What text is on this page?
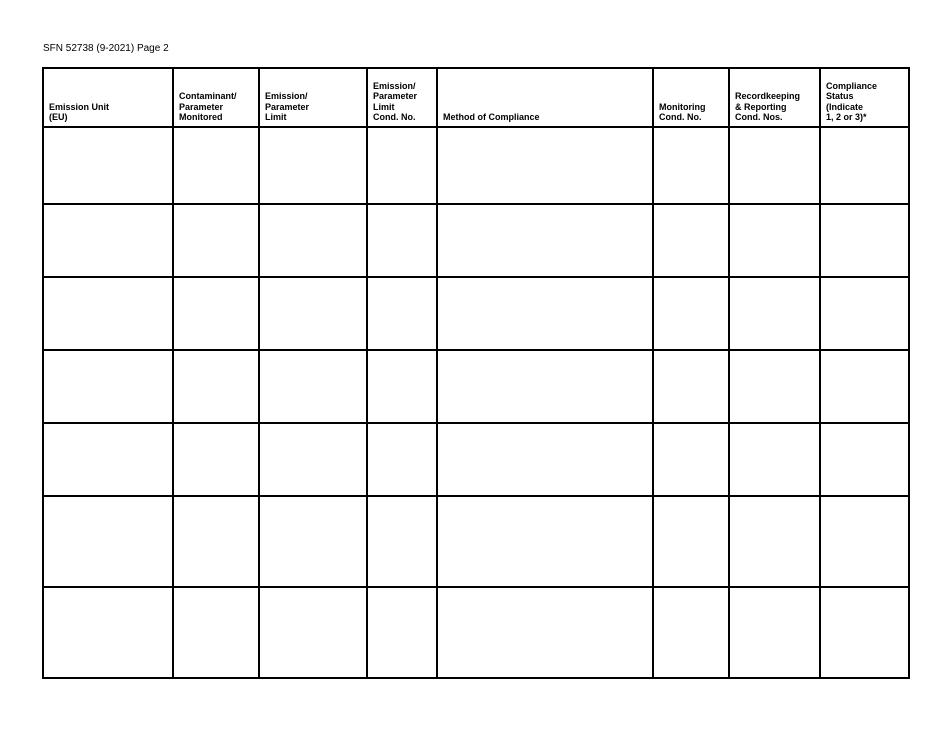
SFN 52738 (9-2021) Page 2
Emission Unit
(EU)	Contaminant/
Parameter
Monitored	Emission/
Parameter
Limit	Emission/
Parameter
Limit
Cond. No.	Method of Compliance	Monitoring
Cond. No.	Recordkeeping
& Reporting
Cond. Nos.	Compliance
Status
(Indicate
1, 2 or 3)*
